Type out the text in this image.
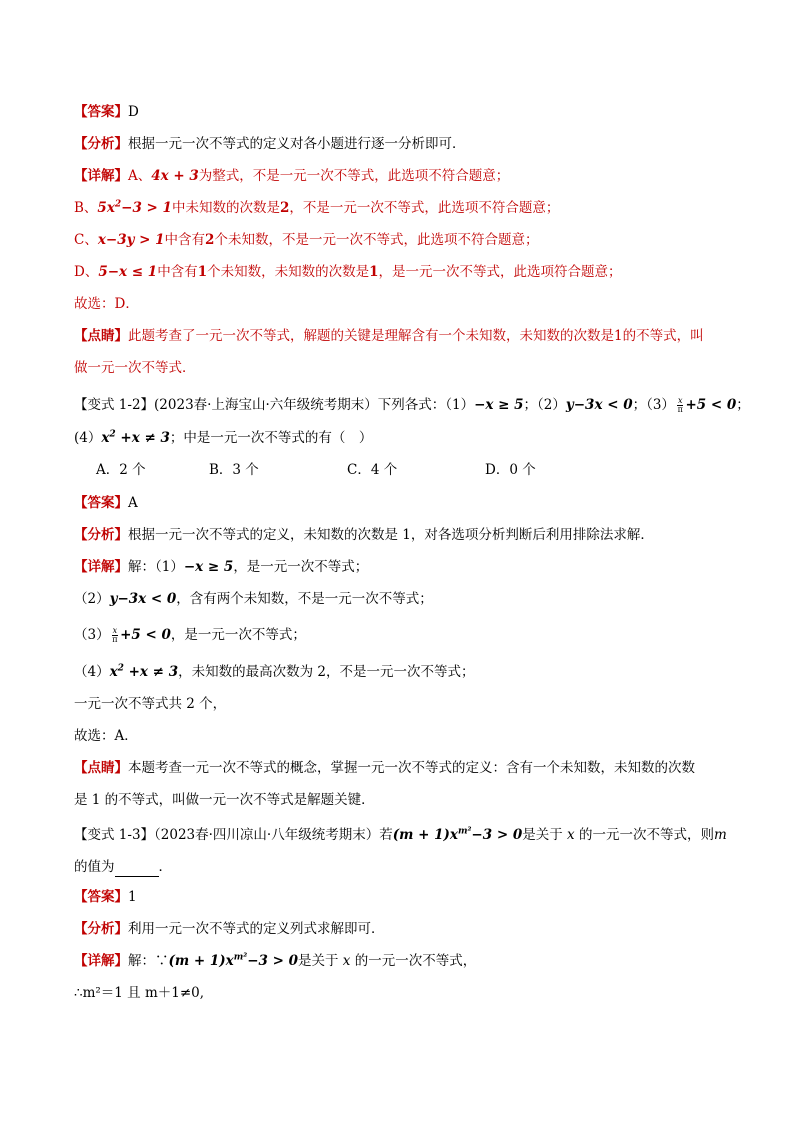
【答案】D
【分析】根据一元一次不等式的定义对各小题进行逐一分析即可．
【详解】A、4x + 3为整式，不是一元一次不等式，此选项不符合题意；
B、$5x^2-3 > 1$中未知数的次数是2，不是一元一次不等式，此选项不符合题意；
C、x−3y > 1中含有2个未知数，不是一元一次不等式，此选项不符合题意；
D、5−x ≤ 1中含有1个未知数，未知数的次数是1，是一元一次不等式，此选项符合题意；
故选：D．
【点睛】此题考查了一元一次不等式，解题的关键是理解含有一个未知数，未知数的次数是1的不等式，叫
做一元一次不等式．
【变式 1-2】(2023春·上海宝山·六年级统考期末）下列各式：（1）−x ≥ 5；（2）y−3x < 0；$(3) \frac{x}{\pi} +5 < 0$；
$(4)x^2 +x \ne 3$；中是一元一次不等式的有（　）
A．2 个	B．3 个	C．4 个	D．0 个
【答案】A
【分析】根据一元一次不等式的定义，未知数的次数是 1，对各选项分析判断后利用排除法求解．
【详解】解：（1）−x ≥ 5，是一元一次不等式；
（2）y−3x < 0，含有两个未知数，不是一元一次不等式；
$(3) \frac{x}{\pi} +5 < 0$，是一元一次不等式；
$(4)x^2 +x \ne 3$，未知数的最高次数为 2，不是一元一次不等式；
一元一次不等式共 2 个，
故选：A．
【点睛】本题考查一元一次不等式的概念，掌握一元一次不等式的定义：含有一个未知数，未知数的次数
是 1 的不等式，叫做一元一次不等式是解题关键．
【变式 1-3】（2023春·四川凉山·八年级统考期末）若$(m + 1)x^{m^2}-3 > 0$是关于 x 的一元一次不等式，则m
的值为	．
【答案】1
【分析】利用一元一次不等式的定义列式求解即可．
【详解】解：∵(m + $1)x^{m^2}-3 > 0$是关于 x 的一元一次不等式，
∴m²＝1 且 m＋1≠0,
